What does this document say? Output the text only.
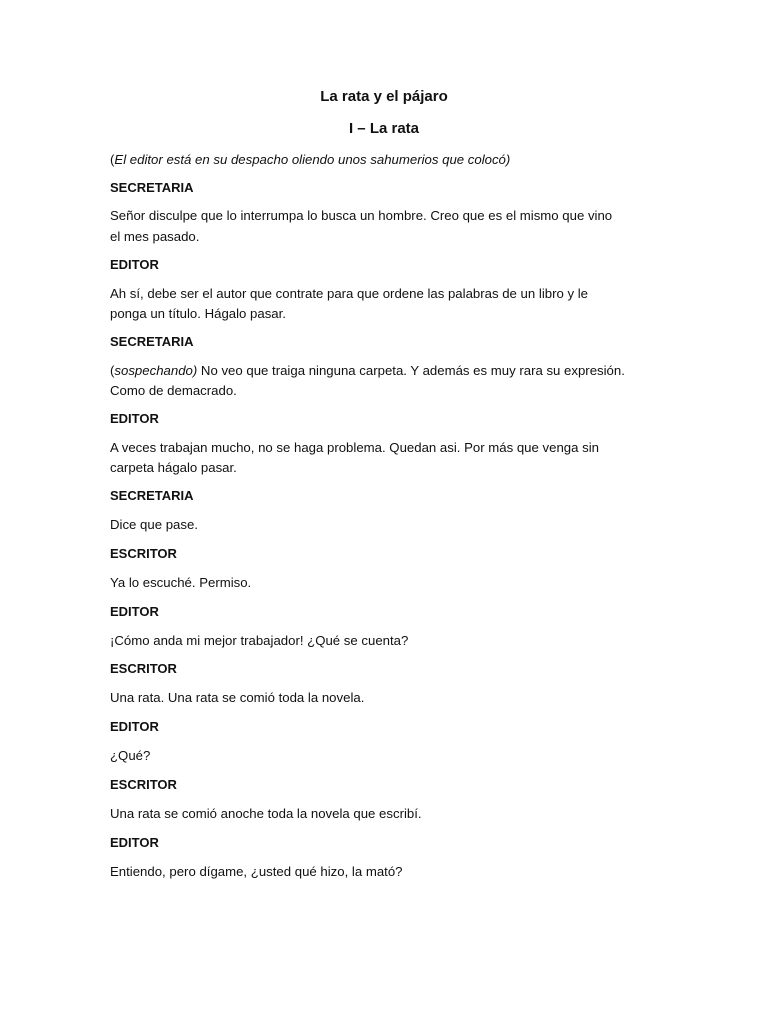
La rata y el pájaro
I – La rata
(El editor está en su despacho oliendo unos sahumerios que colocó)
SECRETARIA
Señor disculpe que lo interrumpa lo busca un hombre. Creo que es el mismo que vino
el mes pasado.
EDITOR
Ah sí, debe ser el autor que contrate para que ordene las palabras de un libro y le
ponga un título. Hágalo pasar.
SECRETARIA
(sospechando) No veo que traiga ninguna carpeta. Y además es muy rara su expresión.
Como de demacrado.
EDITOR
A veces trabajan mucho, no se haga problema. Quedan asi. Por más que venga sin
carpeta hágalo pasar.
SECRETARIA
Dice que pase.
ESCRITOR
Ya lo escuché. Permiso.
EDITOR
¡Cómo anda mi mejor trabajador! ¿Qué se cuenta?
ESCRITOR
Una rata. Una rata se comió toda la novela.
EDITOR
¿Qué?
ESCRITOR
Una rata se comió anoche toda la novela que escribí.
EDITOR
Entiendo, pero dígame, ¿usted qué hizo, la mató?
